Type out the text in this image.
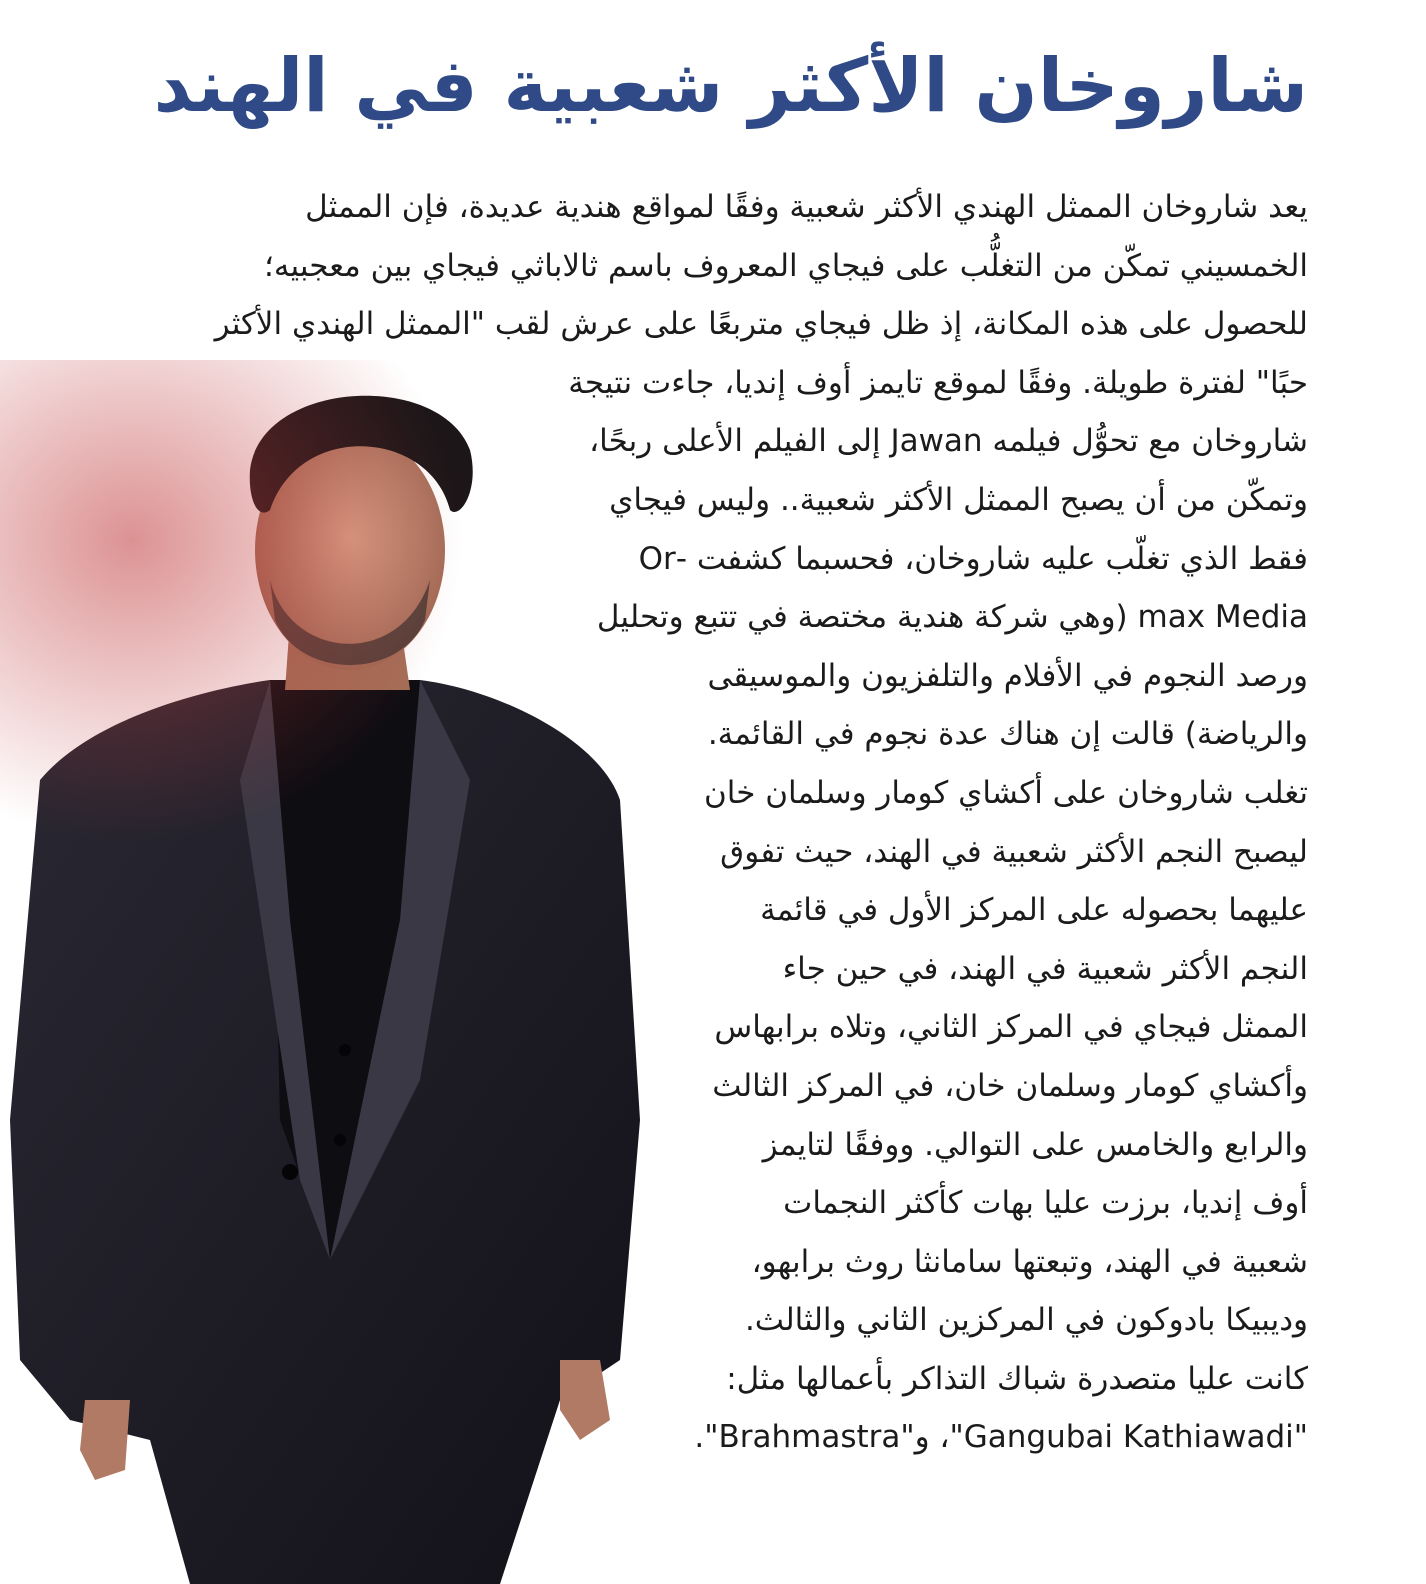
شاروخان الأكثر شعبية في الهند
يعد شاروخان الممثل الهندي الأكثر شعبية وفقًا لمواقع هندية عديدة، فإن الممثل
الخمسيني تمكّن من التغلُّب على فيجاي المعروف باسم ثالاباثي فيجاي بين معجبيه؛
للحصول على هذه المكانة، إذ ظل فيجاي متربعًا على عرش لقب "الممثل الهندي الأكثر
حبًا" لفترة طويلة. وفقًا لموقع تايمز أوف إنديا، جاءت نتيجة
شاروخان مع تحوُّل فيلمه Jawan إلى الفيلم الأعلى ربحًا،
وتمكّن من أن يصبح الممثل الأكثر شعبية.. وليس فيجاي
فقط الذي تغلّب عليه شاروخان، فحسبما كشفت -Or
max Media (وهي شركة هندية مختصة في تتبع وتحليل
ورصد النجوم في الأفلام والتلفزيون والموسيقى
والرياضة) قالت إن هناك عدة نجوم في القائمة.
تغلب شاروخان على أكشاي كومار وسلمان خان
ليصبح النجم الأكثر شعبية في الهند، حيث تفوق
عليهما بحصوله على المركز الأول في قائمة
النجم الأكثر شعبية في الهند، في حين جاء
الممثل فيجاي في المركز الثاني، وتلاه برابهاس
وأكشاي كومار وسلمان خان، في المركز الثالث
والرابع والخامس على التوالي. ووفقًا لتايمز
أوف إنديا، برزت عليا بهات كأكثر النجمات
شعبية في الهند، وتبعتها سامانثا روث برابهو،
وديبيكا بادوكون في المركزين الثاني والثالث.
كانت عليا متصدرة شباك التذاكر بأعمالها مثل:
"Gangubai Kathiawadi"، و"Brahmastra".
